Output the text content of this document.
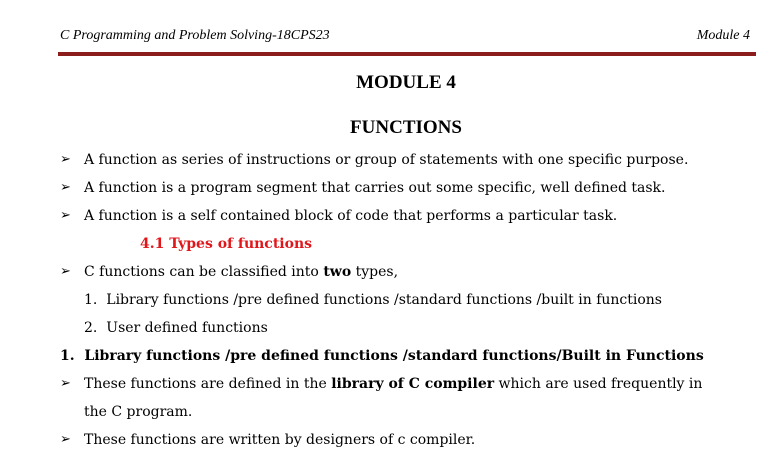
C Programming and Problem Solving-18CPS23	Module 4
MODULE 4
FUNCTIONS
➢ A function as series of instructions or group of statements with one specific purpose.
➢ A function is a program segment that carries out some specific, well defined task.
➢ A function is a self contained block of code that performs a particular task.
4.1 Types of functions
➢ C functions can be classified into two types,
1. Library functions /pre defined functions /standard functions /built in functions
2. User defined functions
1. Library functions /pre defined functions /standard functions/Built in Functions
➢ These functions are defined in the library of C compiler which are used frequently in
the C program.
➢ These functions are written by designers of c compiler.
